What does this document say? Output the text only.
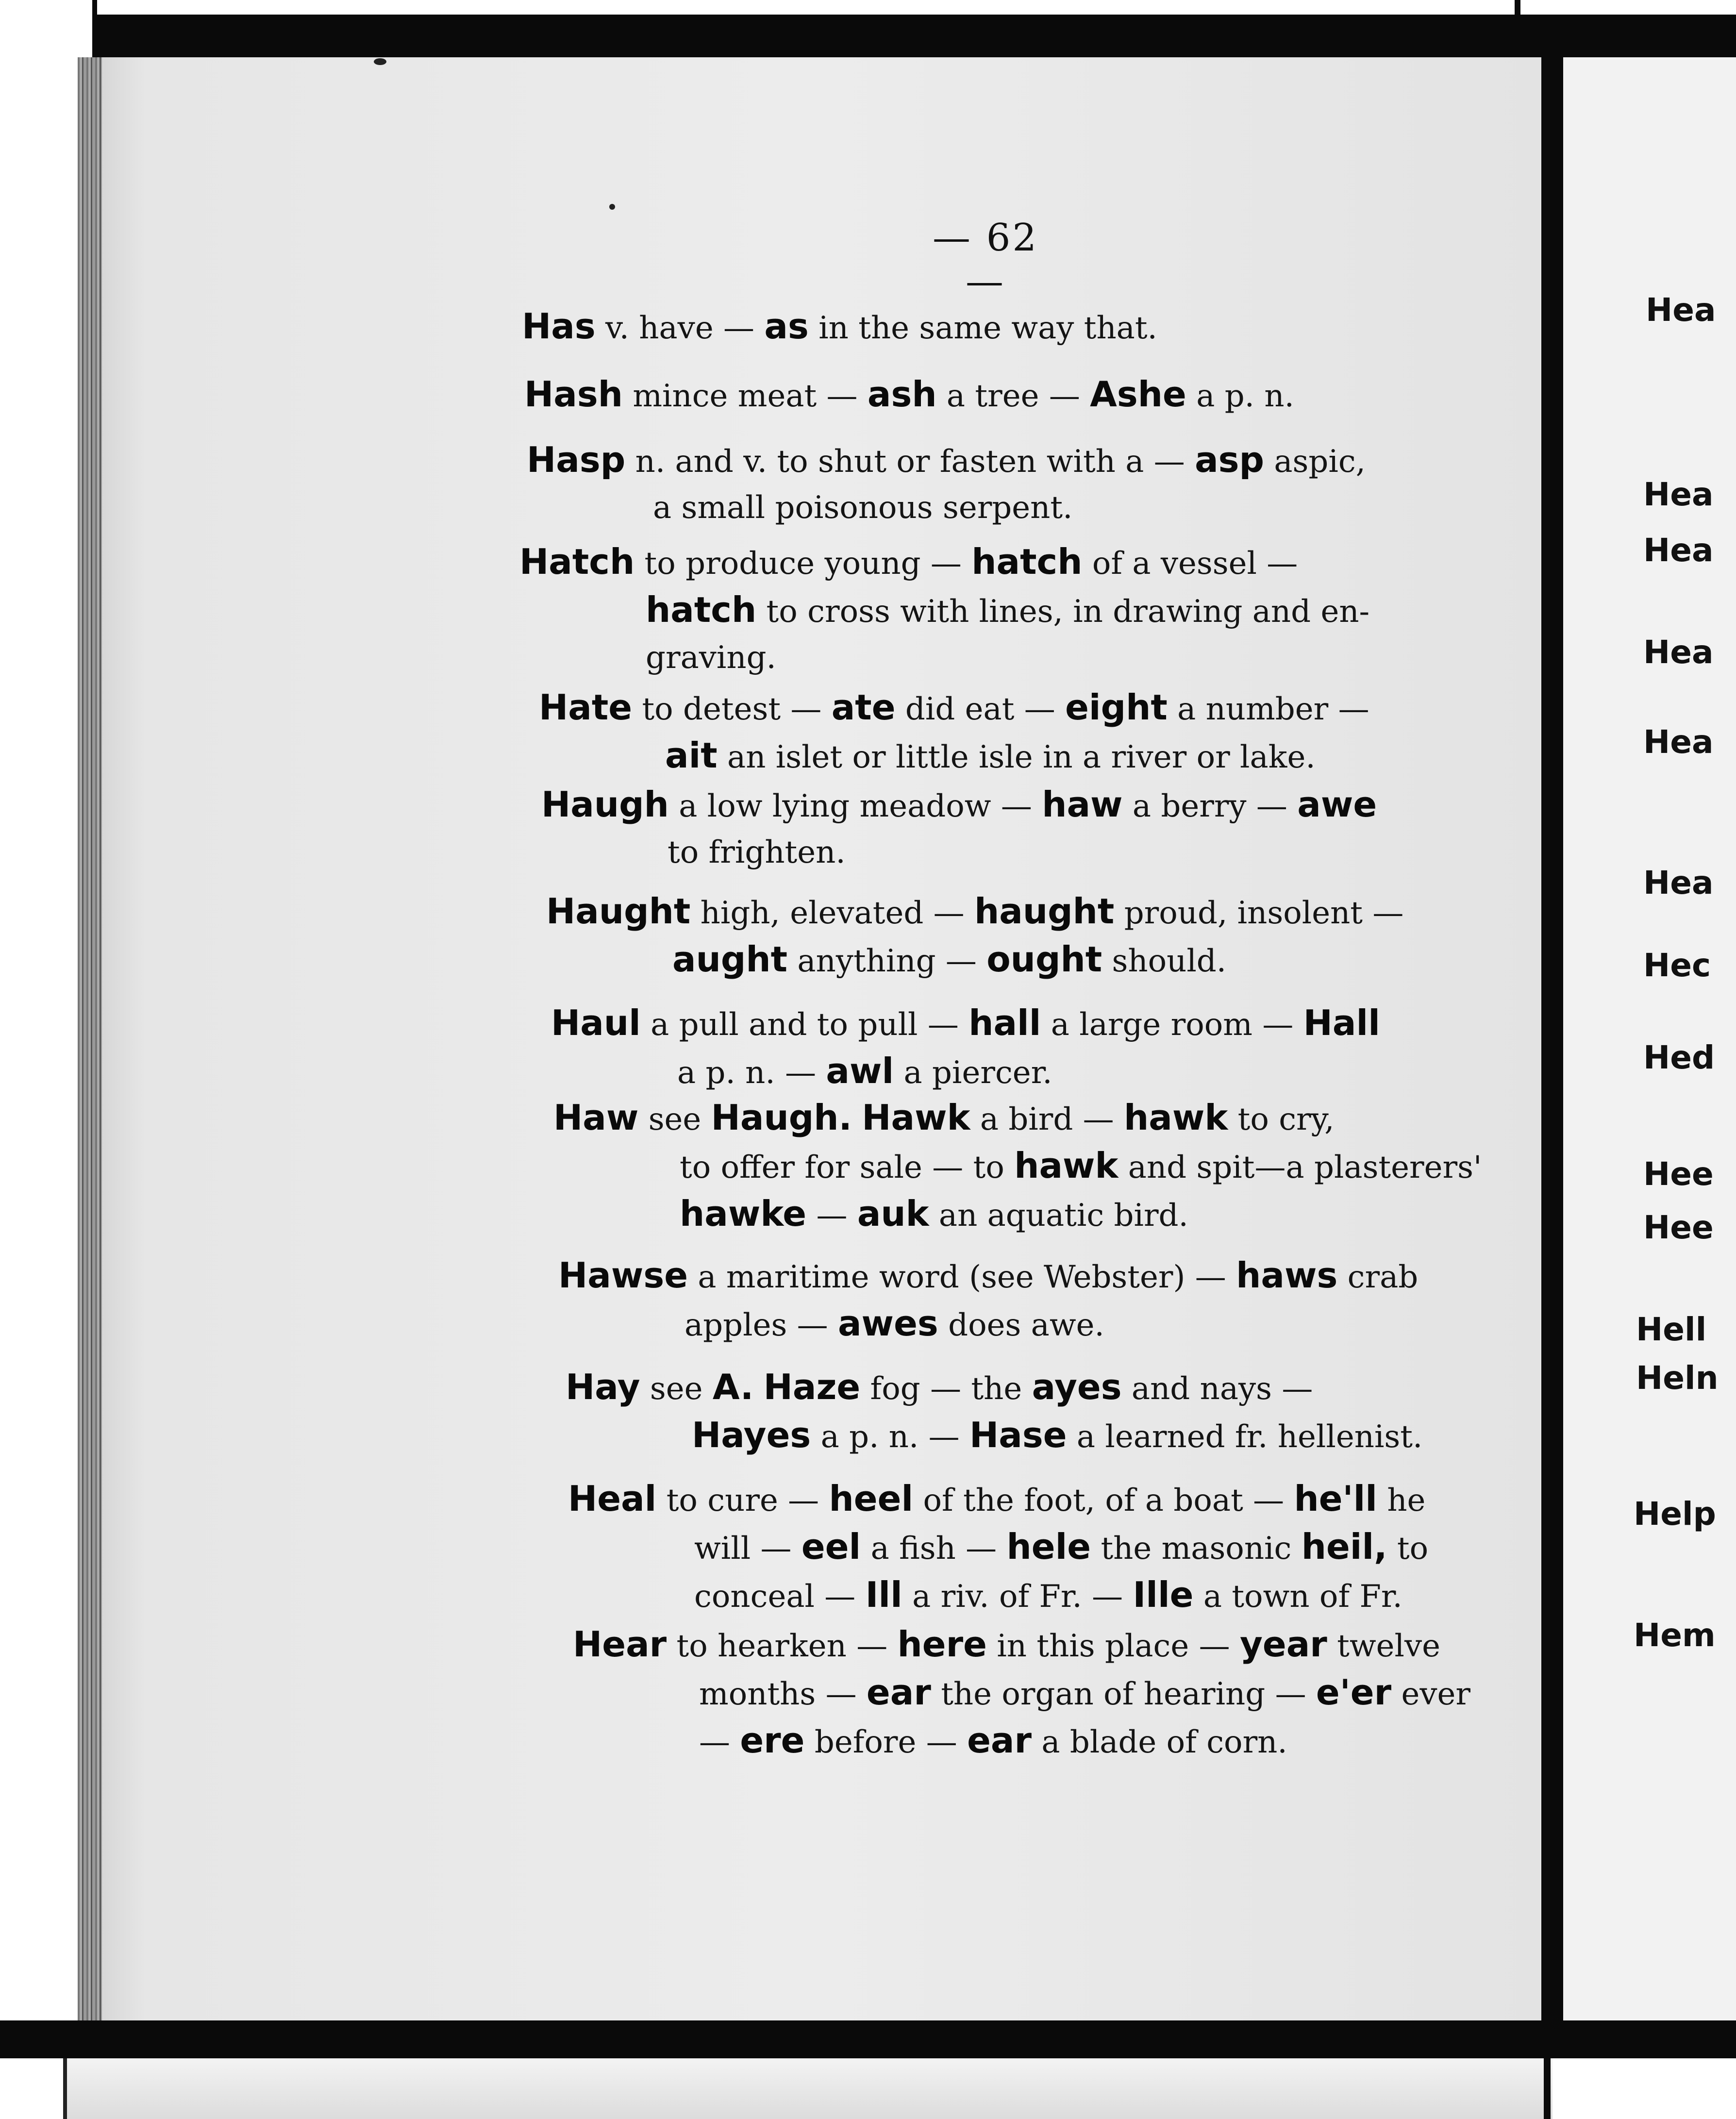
— 62 —
Has v. have — as in the same way that.
Hash mince meat — ash a tree — Ashe a p. n.
Hasp n. and v. to shut or fasten with a — asp aspic,
a small poisonous serpent.
Hatch to produce young — hatch of a vessel —
hatch to cross with lines, in drawing and en-
graving.
Hate to detest — ate did eat — eight a number —
ait an islet or little isle in a river or lake.
Haugh a low lying meadow — haw a berry — awe
to frighten.
Haught high, elevated — haught proud, insolent —
aught anything — ought should.
Haul a pull and to pull — hall a large room — Hall
a p. n. — awl a piercer.
Haw see Haugh. Hawk a bird — hawk to cry,
to offer for sale — to hawk and spit—a plasterers'
hawke — auk an aquatic bird.
Hawse a maritime word (see Webster) — haws crab
apples — awes does awe.
Hay see A. Haze fog — the ayes and nays —
Hayes a p. n. — Hase a learned fr. hellenist.
Heal to cure — heel of the foot, of a boat — he'll he
will — eel a fish — hele the masonic heil, to
conceal — Ill a riv. of Fr. — Ille a town of Fr.
Hear to hearken — here in this place — year twelve
months — ear the organ of hearing — e'er ever
— ere before — ear a blade of corn.
Hea
Hea
Hea
Hea
Hea
Hea
Hec
Hed
Hee
Hee
Hell
Heln
Help
Hem
